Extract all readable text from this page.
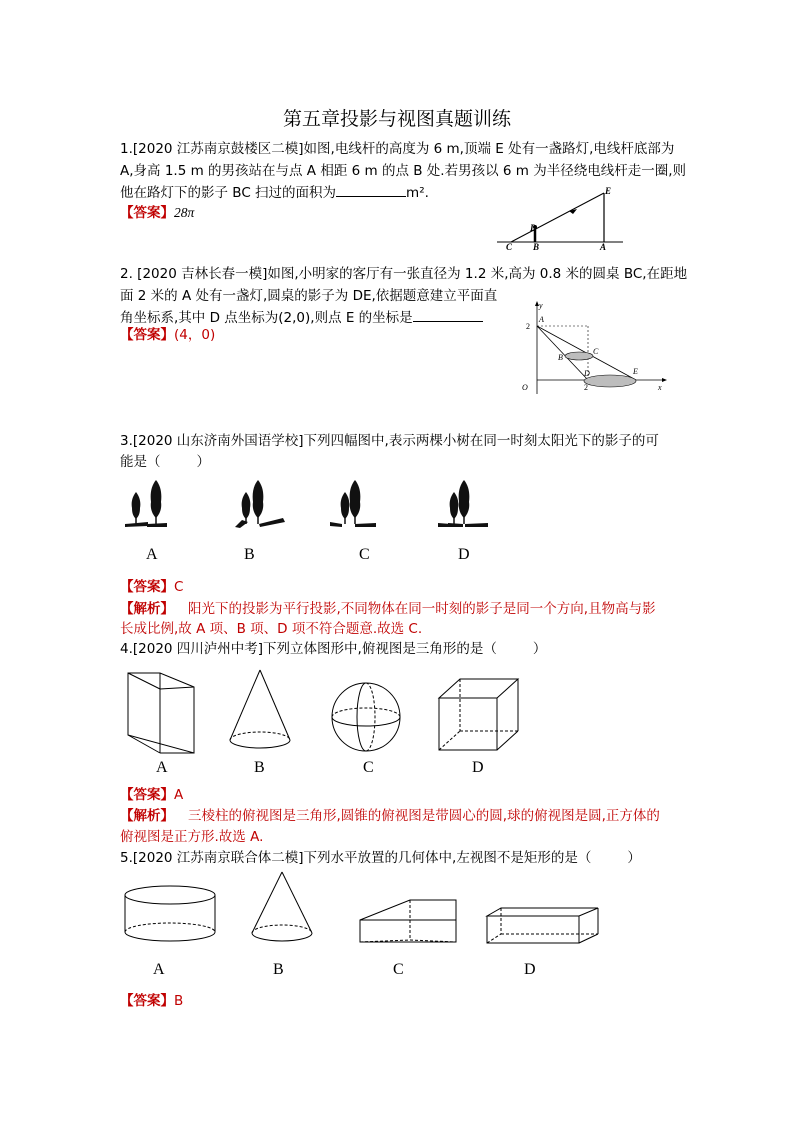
第五章投影与视图真题训练
1.[2020 江苏南京鼓楼区二模]如图,电线杆的高度为 6 m,顶端 E 处有一盏路灯,电线杆底部为
A,身高 1.5 m 的男孩站在与点 A 相距 6 m 的点 B 处.若男孩以 6 m 为半径绕电线杆走一圈,则
他在路灯下的影子 BC 扫过的面积为	m².
【答案】28π
E
D
C B	A
2. [2020 吉林长春一模]如图,小明家的客厅有一张直径为 1.2 米,高为 0.8 米的圆桌 BC,在距地
面 2 米的 A 处有一盏灯,圆桌的影子为 DE,依据题意建立平面直
角坐标系,其中 D 点坐标为(2,0),则点 E 的坐标是
【答案】(4，0)
y
x
O
2
2
A
B
C
D	E
3.[2020 山东济南外国语学校]下列四幅图中,表示两棵小树在同一时刻太阳光下的影子的可
能是（	）
A	B	C	D
【答案】C
【解析】 阳光下的投影为平行投影,不同物体在同一时刻的影子是同一个方向,且物高与影
长成比例,故 A 项、B 项、D 项不符合题意.故选 C.
4.[2020 四川泸州中考]下列立体图形中,俯视图是三角形的是（	）
A	B	C	D
【答案】A
【解析】 三棱柱的俯视图是三角形,圆锥的俯视图是带圆心的圆,球的俯视图是圆,正方体的
俯视图是正方形.故选 A.
5.[2020 江苏南京联合体二模]下列水平放置的几何体中,左视图不是矩形的是（	）
A	B	C	D
【答案】B
